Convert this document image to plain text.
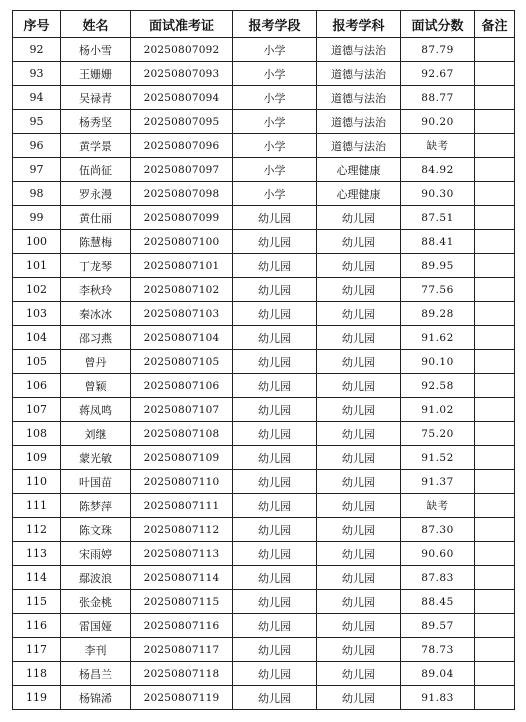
序号	姓名	面试准考证	报考学段	报考学科	面试分数	备注
92	杨小雪	20250807092	小学	道德与法治	87.79	
93	王姗姗	20250807093	小学	道德与法治	92.67	
94	吴禄青	20250807094	小学	道德与法治	88.77	
95	杨秀坚	20250807095	小学	道德与法治	90.20	
96	黄学景	20250807096	小学	道德与法治	缺考	
97	伍尚征	20250807097	小学	心理健康	84.92	
98	罗永漫	20250807098	小学	心理健康	90.30	
99	黄仕丽	20250807099	幼儿园	幼儿园	87.51	
100	陈慧梅	20250807100	幼儿园	幼儿园	88.41	
101	丁龙琴	20250807101	幼儿园	幼儿园	89.95	
102	李秋玲	20250807102	幼儿园	幼儿园	77.56	
103	秦冰冰	20250807103	幼儿园	幼儿园	89.28	
104	邵习燕	20250807104	幼儿园	幼儿园	91.62	
105	曾丹	20250807105	幼儿园	幼儿园	90.10	
106	曾颖	20250807106	幼儿园	幼儿园	92.58	
107	蒋凤鸣	20250807107	幼儿园	幼儿园	91.02	
108	刘继	20250807108	幼儿园	幼儿园	75.20	
109	蒙光敏	20250807109	幼儿园	幼儿园	91.52	
110	叶国苗	20250807110	幼儿园	幼儿园	91.37	
111	陈梦萍	20250807111	幼儿园	幼儿园	缺考	
112	陈文珠	20250807112	幼儿园	幼儿园	87.30	
113	宋雨婷	20250807113	幼儿园	幼儿园	90.60	
114	鄢波浪	20250807114	幼儿园	幼儿园	87.83	
115	张金桃	20250807115	幼儿园	幼儿园	88.45	
116	雷国娅	20250807116	幼儿园	幼儿园	89.57	
117	李刊	20250807117	幼儿园	幼儿园	78.73	
118	杨昌兰	20250807118	幼儿园	幼儿园	89.04	
119	杨锦浠	20250807119	幼儿园	幼儿园	91.83	
